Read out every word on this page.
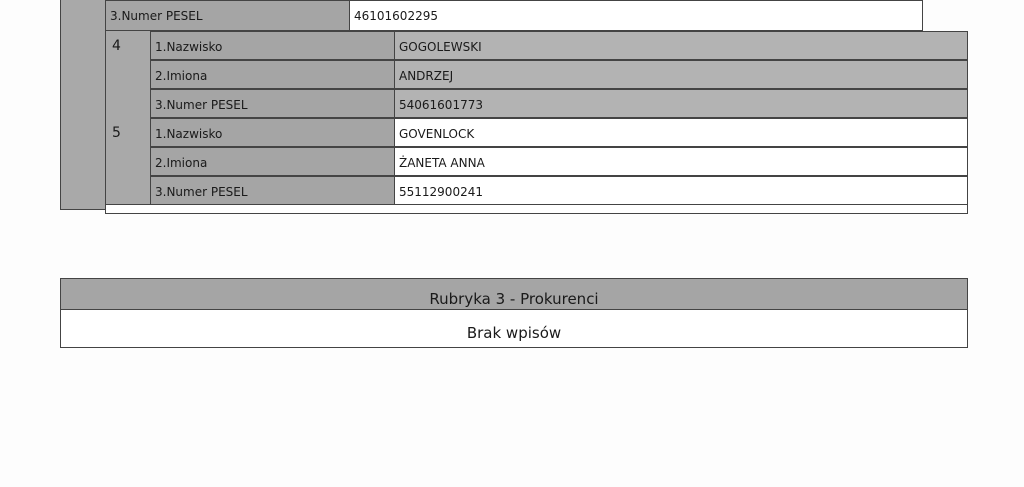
3.Numer PESEL	46101602295
4	1.Nazwisko	GOGOLEWSKI
2.Imiona	ANDRZEJ
3.Numer PESEL	54061601773
5	1.Nazwisko	GOVENLOCK
2.Imiona	ŻANETA ANNA
3.Numer PESEL	55112900241
Rubryka 3 - Prokurenci
Brak wpisów
